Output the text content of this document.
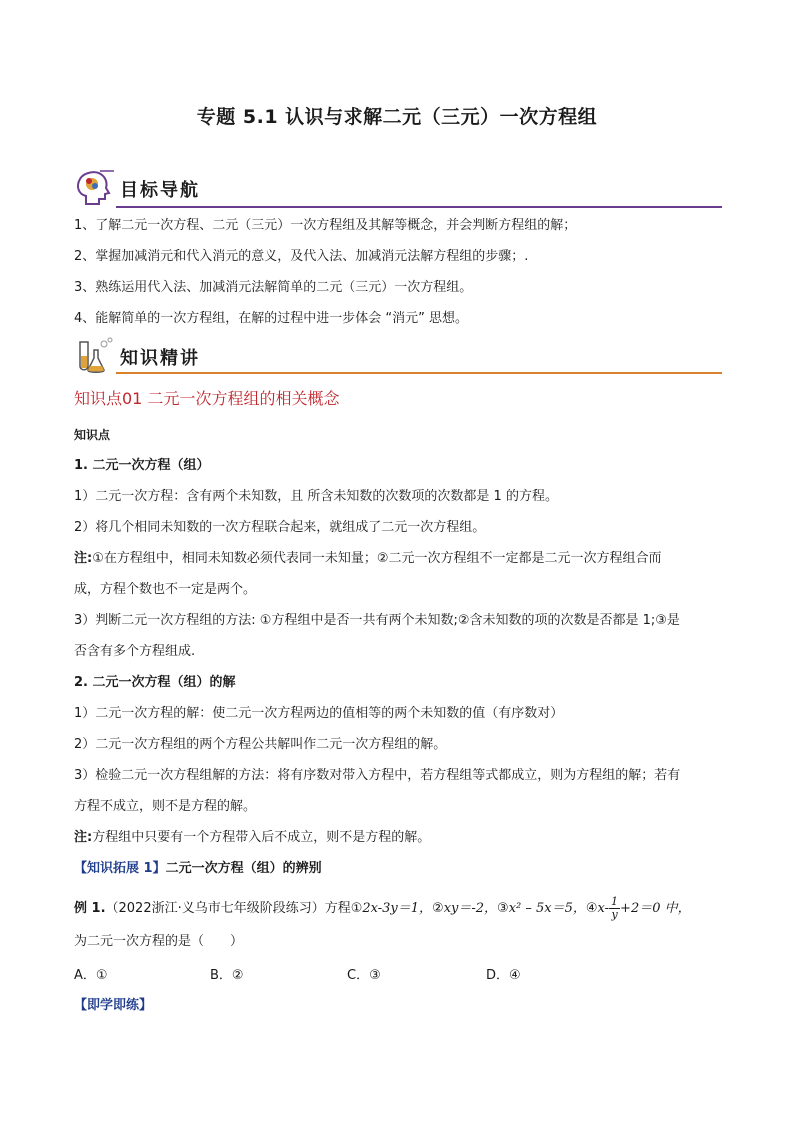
专题 5.1 认识与求解二元（三元）一次方程组
目标导航
1、了解二元一次方程、二元（三元）一次方程组及其解等概念，并会判断方程组的解；
2、掌握加减消元和代入消元的意义，及代入法、加减消元法解方程组的步骤；.
3、熟练运用代入法、加减消元法解简单的二元（三元）一次方程组。
4、能解简单的一次方程组，在解的过程中进一步体会 “消元” 思想。
知识精讲
知识点01 二元一次方程组的相关概念
知识点
1. 二元一次方程（组）
1）二元一次方程：含有两个未知数，且 所含未知数的次数项的次数都是 1 的方程。
2）将几个相同未知数的一次方程联合起来，就组成了二元一次方程组。
注:①在方程组中，相同未知数必须代表同一未知量；②二元一次方程组不一定都是二元一次方程组合而
成，方程个数也不一定是两个。
3）判断二元一次方程组的方法: ①方程组中是否一共有两个未知数;②含未知数的项的次数是否都是 1;③是
否含有多个方程组成.
2. 二元一次方程（组）的解
1）二元一次方程的解：使二元一次方程两边的值相等的两个未知数的值（有序数对）
2）二元一次方程组的两个方程公共解叫作二元一次方程组的解。
3）检验二元一次方程组解的方法：将有序数对带入方程中，若方程组等式都成立，则为方程组的解；若有
方程不成立，则不是方程的解。
注:方程组中只要有一个方程带入后不成立，则不是方程的解。
【知识拓展 1】二元一次方程（组）的辨别
例 1.（2022浙江·义乌市七年级阶段练习）方程①2x-3y＝1，②xy＝-2，③x² – 5x＝5，④x- $\frac{1}{y} +2=0$ 中，
为二元一次方程的是（　　）
A．①	B．②	C．③	D．④
【即学即练】
